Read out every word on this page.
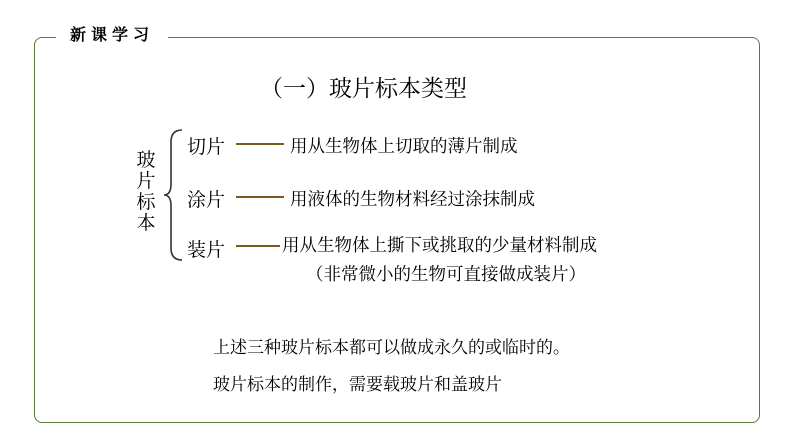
新课学习
（一）玻片标本类型
玻片标本
切片	用从生物体上切取的薄片制成
涂片	用液体的生物材料经过涂抹制成
装片	用从生物体上撕下或挑取的少量材料制成
（非常微小的生物可直接做成装片）
上述三种玻片标本都可以做成永久的或临时的。
玻片标本的制作，需要载玻片和盖玻片
